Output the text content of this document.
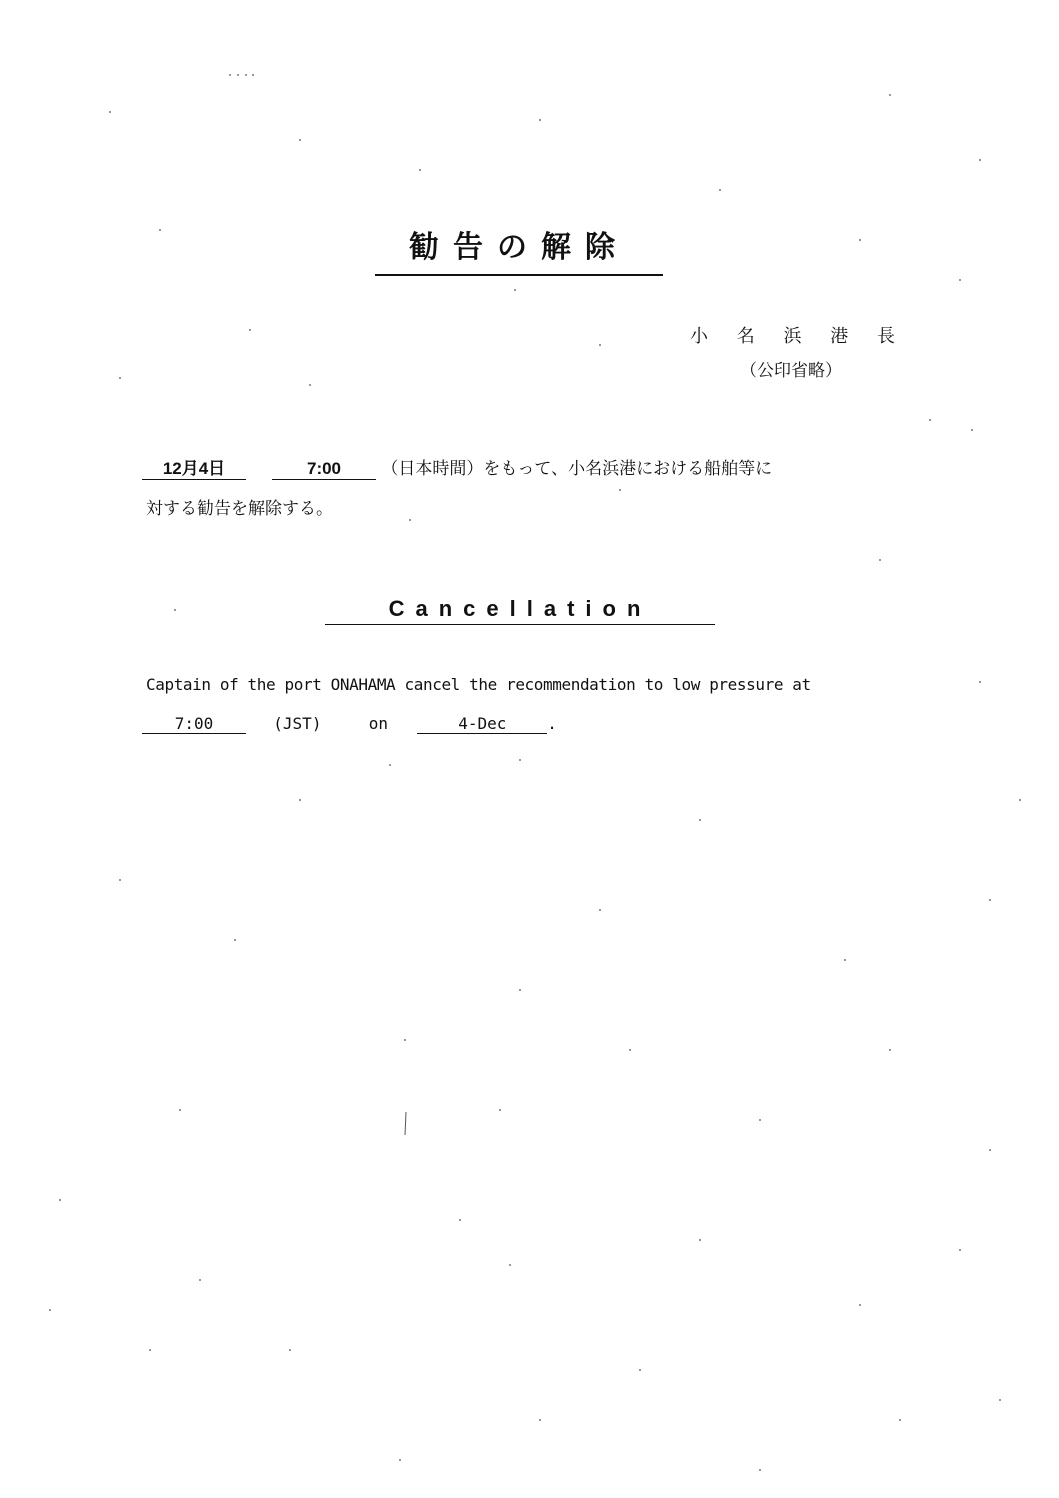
勧告の解除
小 名 浜 港 長
（公印省略）
12月4日	7:00 （日本時間）をもって、小名浜港における船舶等に
対する勧告を解除する。
Cancellation
Captain of the port ONAHAMA cancel the recommendation to low pressure at
7:00	(JST)	on	4-Dec	.
